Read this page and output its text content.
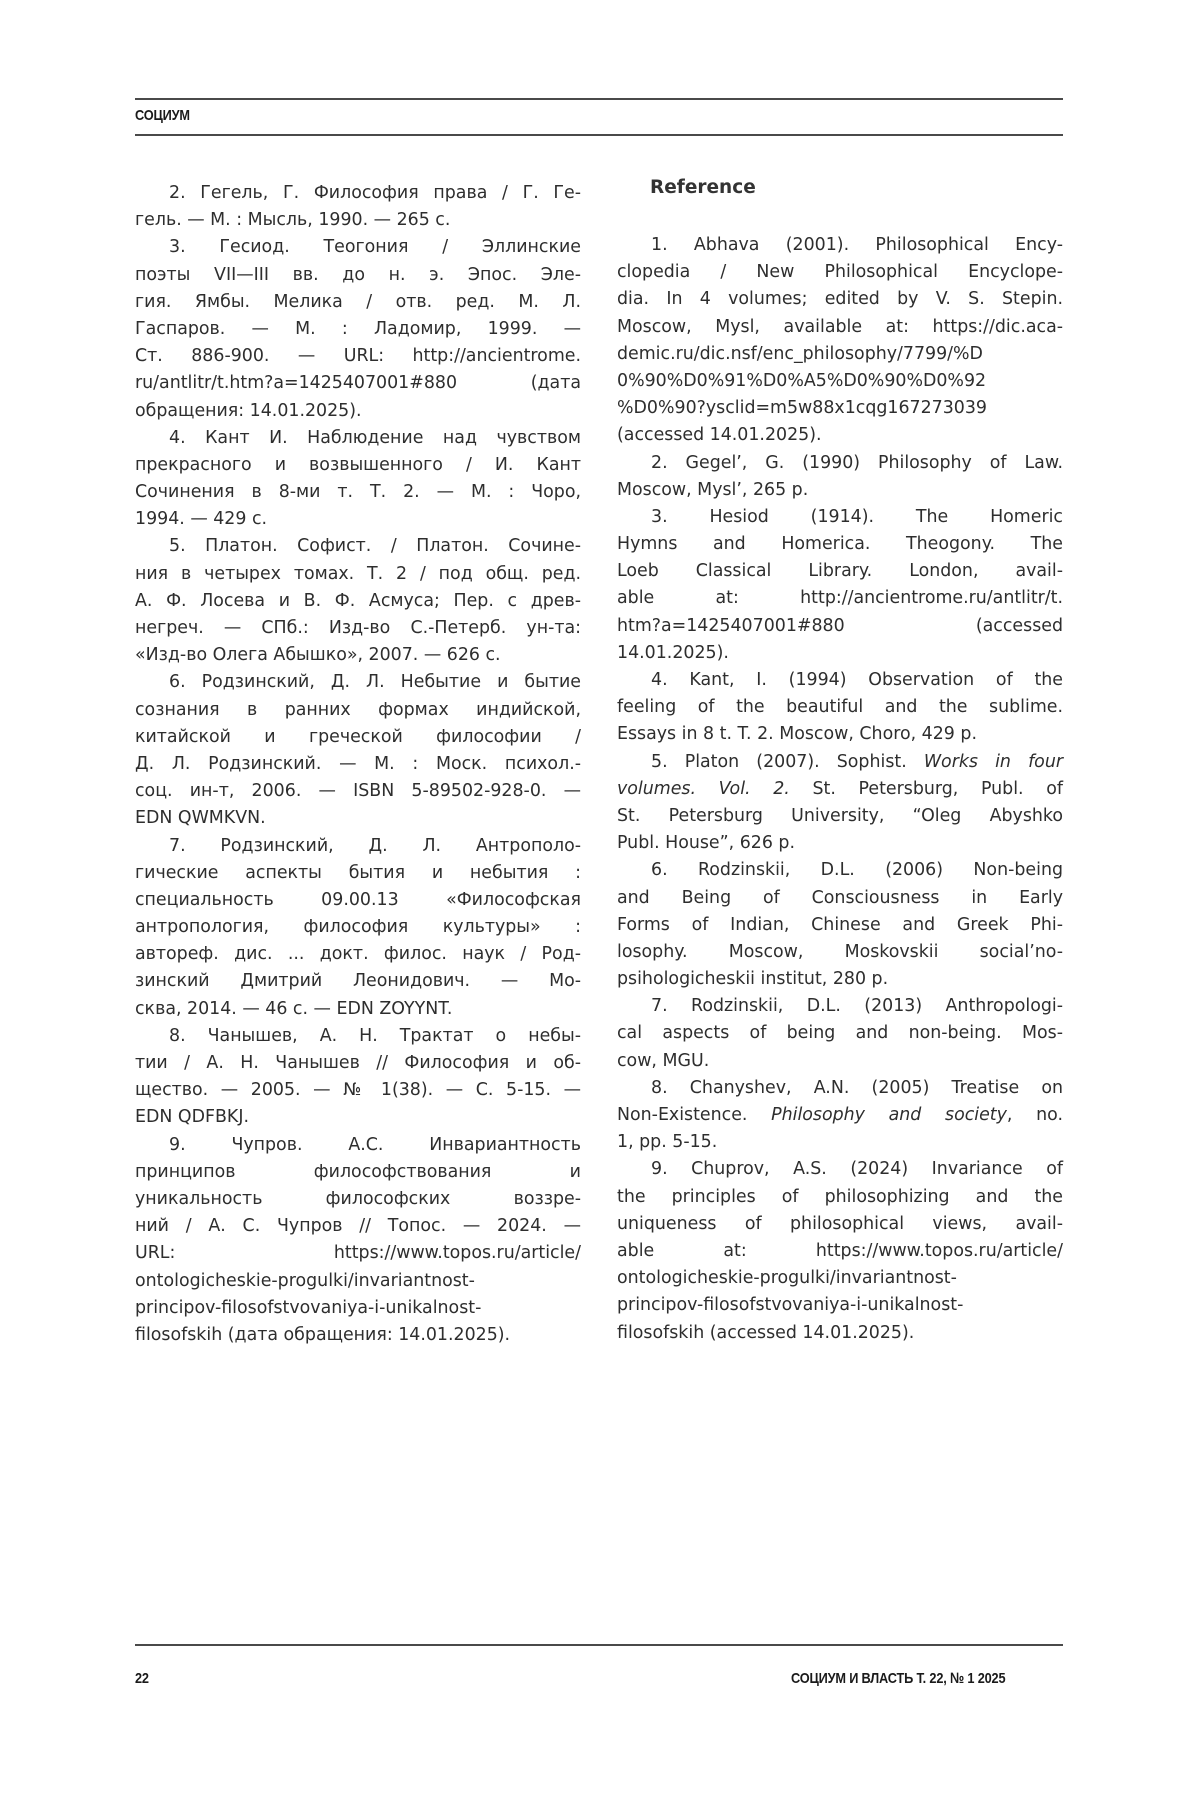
СОЦИУМ
2. Гегель, Г. Философия права / Г. Ге-
гель. — М. : Мысль, 1990. — 265 с.
3. Гесиод. Теогония / Эллинские
поэты VII—III вв. до н. э. Эпос. Эле-
гия. Ямбы. Мелика / отв. ред. М. Л.
Гаспаров. — М. : Ладомир, 1999. —
Ст. 886-900. — URL: http://ancientrome.
ru/antlitr/t.htm?a=1425407001#880 (дата
обращения: 14.01.2025).
4. Кант И. Наблюдение над чувством
прекрасного и возвышенного / И. Кант
Сочинения в 8-ми т. Т. 2. — М. : Чоро,
1994. — 429 с.
5. Платон. Софист. / Платон. Сочине-
ния в четырех томах. Т. 2 / под общ. ред.
А. Ф. Лосева и В. Ф. Асмуса; Пер. с древ-
негреч. — СПб.: Изд-во С.-Петерб. ун-та:
«Изд-во Олега Абышко», 2007. — 626 с.
6. Родзинский, Д. Л. Небытие и бытие
сознания в ранних формах индийской,
китайской и греческой философии /
Д. Л. Родзинский. — М. : Моск. психол.-
соц. ин-т, 2006. — ISBN 5-89502-928-0. —
EDN QWMKVN.
7. Родзинский, Д. Л. Антрополо-
гические аспекты бытия и небытия :
специальность 09.00.13 «Философская
антропология, философия культуры» :
автореф. дис. ... докт. филос. наук / Род-
зинский Дмитрий Леонидович. — Мо-
сква, 2014. — 46 с. — EDN ZOYYNT.
8. Чанышев, А. Н. Трактат о небы-
тии / А. Н. Чанышев // Философия и об-
щество. — 2005. — № 1(38). — С. 5-15. —
EDN QDFBKJ.
9. Чупров. А.С. Инвариантность
принципов философствования и
уникальность философских воззре-
ний / А. С. Чупров // Топос. — 2024. —
URL: https://www.topos.ru/article/
ontologicheskie-progulki/invariantnost-
principov-filosofstvovaniya-i-unikalnost-
filosofskih (дата обращения: 14.01.2025).
Reference
1. Abhava (2001). Philosophical Ency-
clopedia / New Philosophical Encyclope-
dia. In 4 volumes; edited by V. S. Stepin.
Moscow, Mysl, available at: https://dic.aca-
demic.ru/dic.nsf/enc_philosophy/7799/%D
0%90%D0%91%D0%A5%D0%90%D0%92
%D0%90?ysclid=m5w88x1cqg167273039
(accessed 14.01.2025).
2. Gegel’, G. (1990) Philosophy of Law.
Moscow, Mysl’, 265 p.
3. Hesiod (1914). The Homeric
Hymns and Homerica. Theogony. The
Loeb Classical Library. London, avail-
able at: http://ancientrome.ru/antlitr/t.
htm?a=1425407001#880 (accessed
14.01.2025).
4. Kant, I. (1994) Observation of the
feeling of the beautiful and the sublime.
Essays in 8 t. T. 2. Moscow, Choro, 429 p.
5. Platon (2007). Sophist. Works in four
volumes. Vol. 2. St. Petersburg, Publ. of
St. Petersburg University, “Oleg Abyshko
Publ. House”, 626 p.
6. Rodzinskii, D.L. (2006) Non-being
and Being of Consciousness in Early
Forms of Indian, Chinese and Greek Phi-
losophy. Moscow, Moskovskii social’no-
psihologicheskii institut, 280 p.
7. Rodzinskii, D.L. (2013) Anthropologi-
cal aspects of being and non-being. Mos-
cow, MGU.
8. Chanyshev, A.N. (2005) Treatise on
Non-Existence. Philosophy and society, no.
1, pp. 5-15.
9. Chuprov, A.S. (2024) Invariance of
the principles of philosophizing and the
uniqueness of philosophical views, avail-
able at: https://www.topos.ru/article/
ontologicheskie-progulki/invariantnost-
principov-filosofstvovaniya-i-unikalnost-
filosofskih (accessed 14.01.2025).
22	СОЦИУМ И ВЛАСТЬ Т. 22, № 1 2025
